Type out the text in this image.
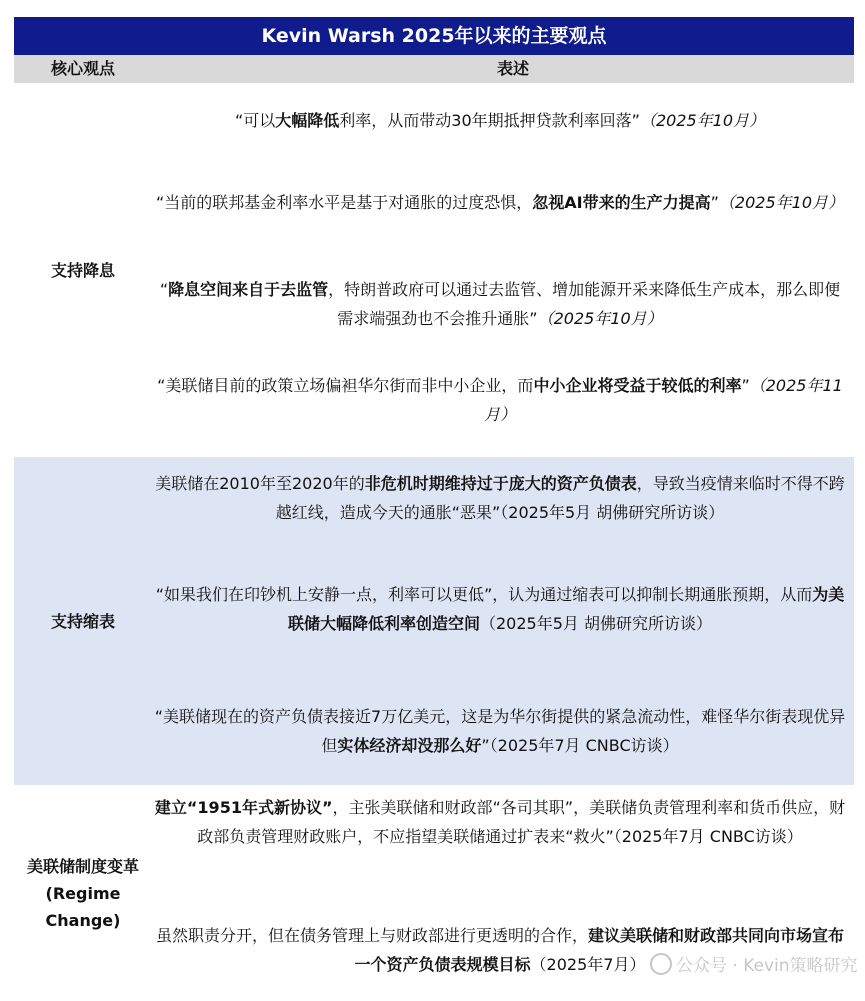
Kevin Warsh 2025年以来的主要观点
核心观点	表述
支持降息
“可以大幅降低利率，从而带动30年期抵押贷款利率回落”（2025年10月）
“当前的联邦基金利率水平是基于对通胀的过度恐惧，忽视AI带来的生产力提高”（2025年10月）
“降息空间来自于去监管，特朗普政府可以通过去监管、增加能源开采来降低生产成本，那么即便需求端强劲也不会推升通胀”（2025年10月）
“美联储目前的政策立场偏袒华尔街而非中小企业，而中小企业将受益于较低的利率”（2025年11月）
支持缩表
美联储在2010年至2020年的非危机时期维持过于庞大的资产负债表，导致当疫情来临时不得不跨越红线，造成今天的通胀“恶果”（2025年5月 胡佛研究所访谈）
“如果我们在印钞机上安静一点，利率可以更低”，认为通过缩表可以抑制长期通胀预期，从而为美联储大幅降低利率创造空间（2025年5月 胡佛研究所访谈）
“美联储现在的资产负债表接近7万亿美元，这是为华尔街提供的紧急流动性，难怪华尔街表现优异但实体经济却没那么好”（2025年7月 CNBC访谈）
美联储制度变革(Regime Change)
建立“1951年式新协议”，主张美联储和财政部“各司其职”，美联储负责管理利率和货币供应，财政部负责管理财政账户，不应指望美联储通过扩表来“救火”（2025年7月 CNBC访谈）
虽然职责分开，但在债务管理上与财政部进行更透明的合作，建议美联储和财政部共同向市场宣布一个资产负债表规模目标（2025年7月）	公众号 · Kevin策略研究
